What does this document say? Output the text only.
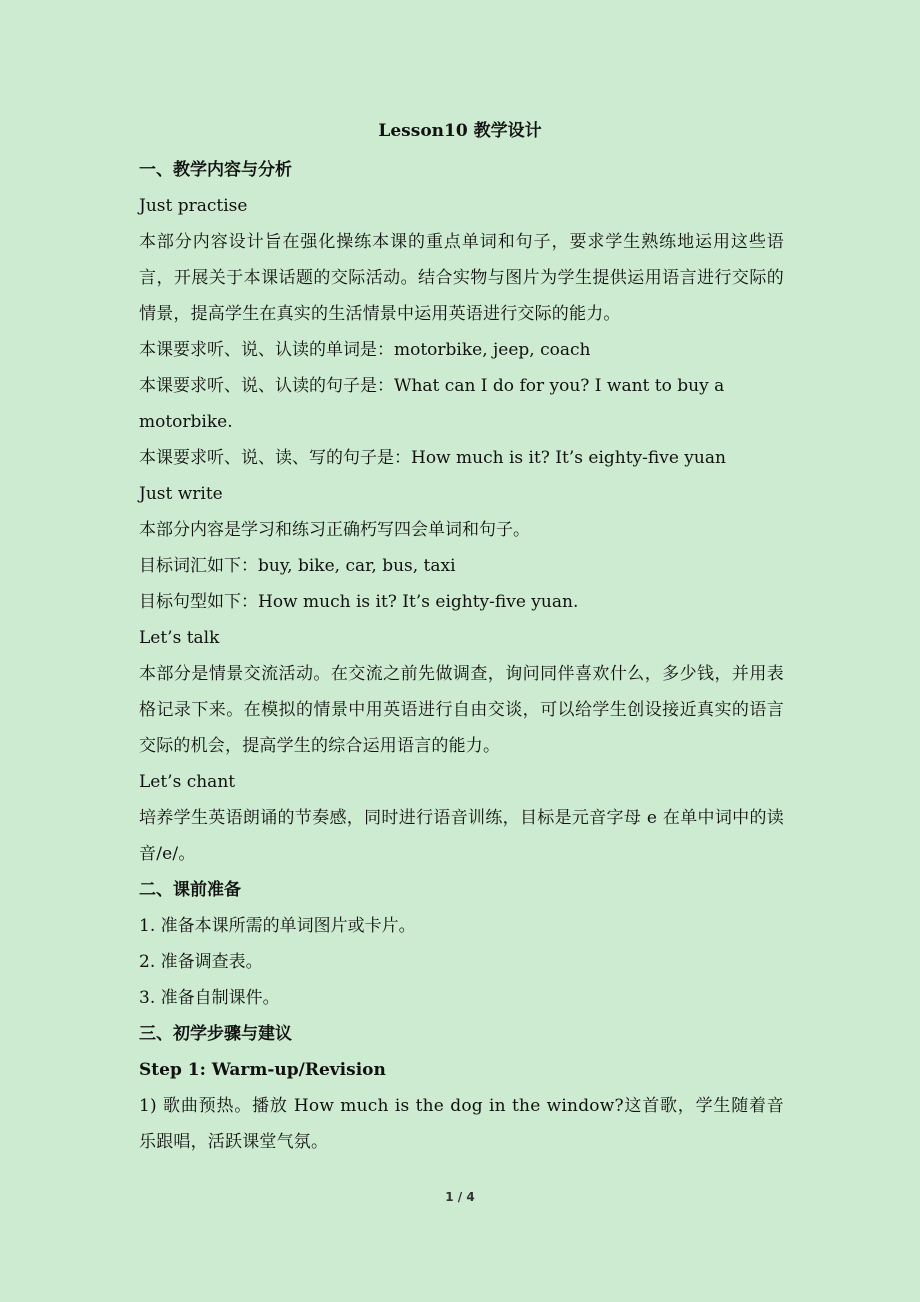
Lesson10 教学设计
一、教学内容与分析
Just practise
本部分内容设计旨在强化操练本课的重点单词和句子，要求学生熟练地运用这些语言，开展关于本课话题的交际活动。结合实物与图片为学生提供运用语言进行交际的情景，提高学生在真实的生活情景中运用英语进行交际的能力。
本课要求听、说、认读的单词是：motorbike, jeep, coach
本课要求听、说、认读的句子是：What can I do for you? I want to buy a
motorbike.
本课要求听、说、读、写的句子是：How much is it? It’s eighty-five yuan
Just write
本部分内容是学习和练习正确朽写四会单词和句子。
目标词汇如下：buy, bike, car, bus, taxi
目标句型如下：How much is it? It’s eighty-five yuan.
Let’s talk
本部分是情景交流活动。在交流之前先做调查，询问同伴喜欢什么，多少钱，并用表格记录下来。在模拟的情景中用英语进行自由交谈，可以给学生创设接近真实的语言交际的机会，提高学生的综合运用语言的能力。
Let’s chant
培养学生英语朗诵的节奏感，同时进行语音训练，目标是元音字母 e 在单中词中的读音/e/。
二、课前准备
1. 准备本课所需的单词图片或卡片。
2. 准备调查表。
3. 准备自制课件。
三、初学步骤与建议
Step 1: Warm-up/Revision
1) 歌曲预热。播放 How much is the dog in the window?这首歌，学生随着音乐跟唱，活跃课堂气氛。
1 / 4
